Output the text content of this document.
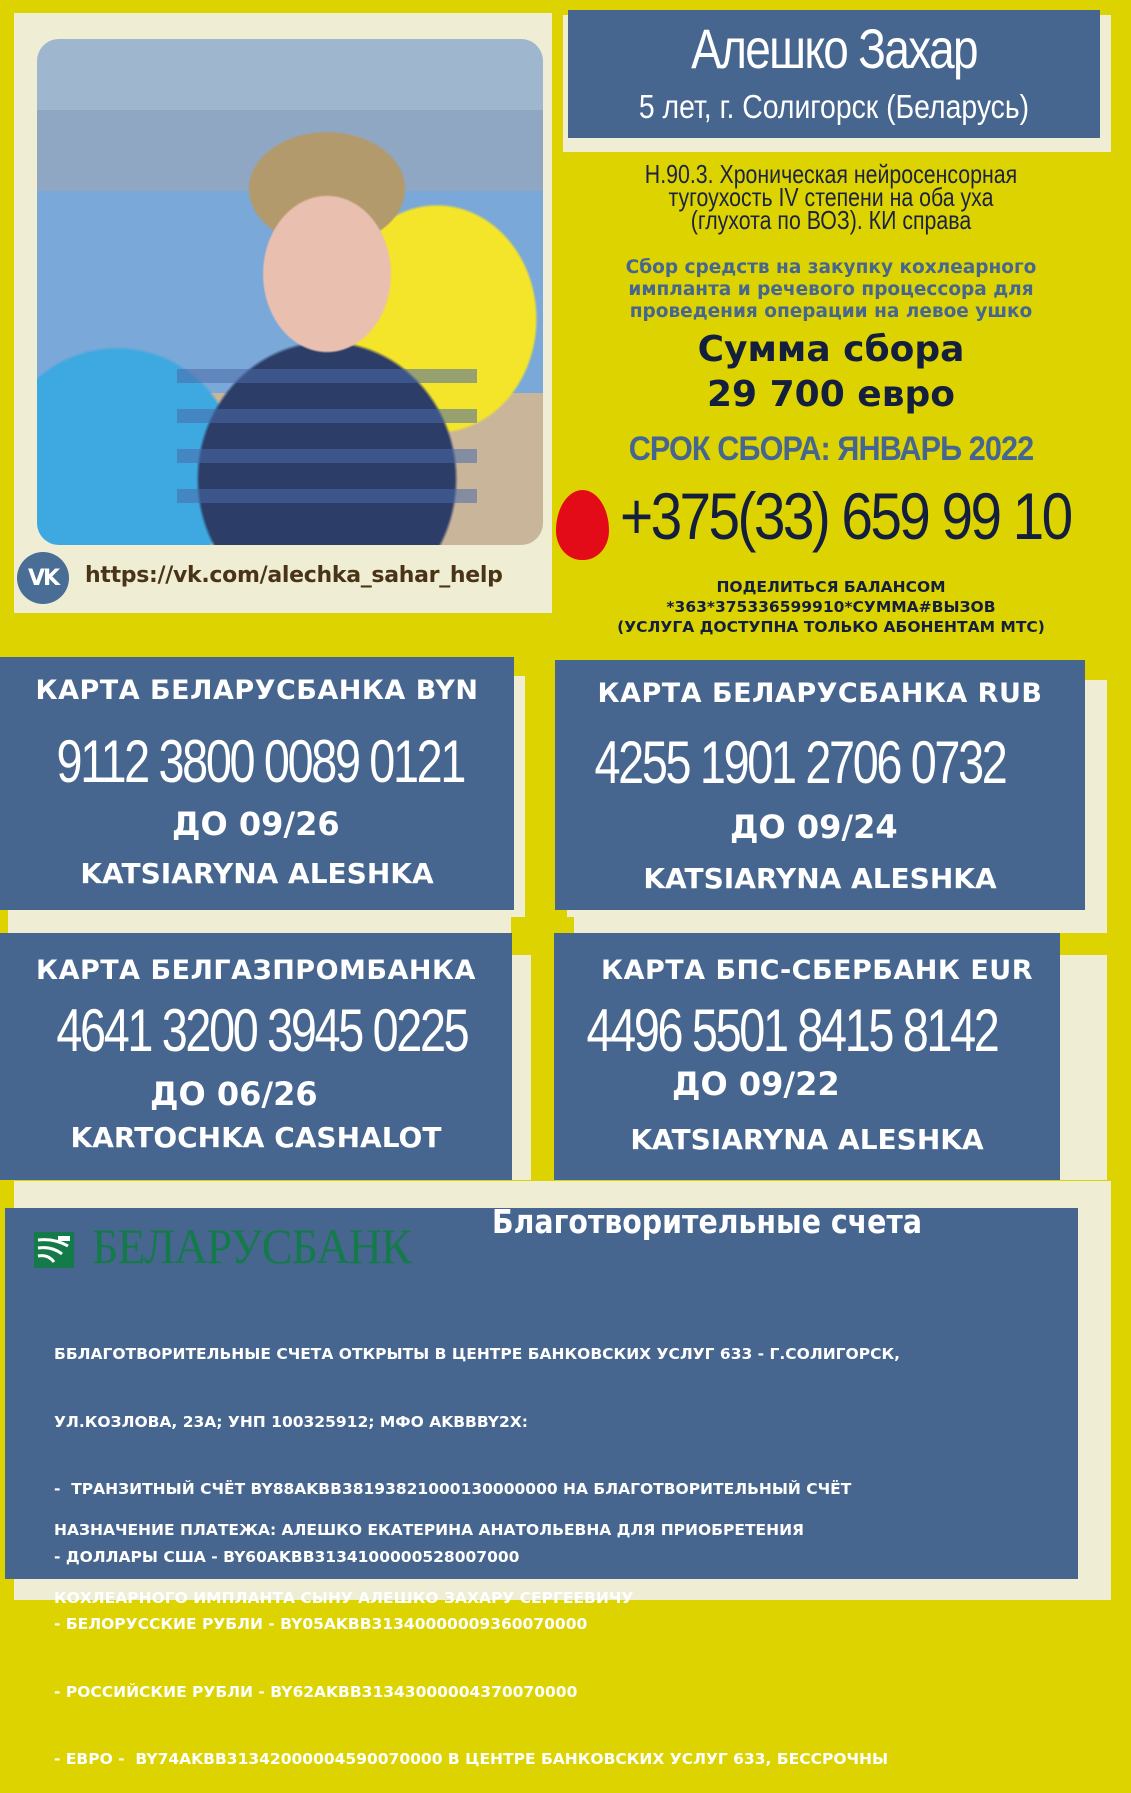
VK https://vk.com/alechka_sahar_help
Алешко Захар
5 лет, г. Солигорск (Беларусь)
Н.90.3. Хроническая нейросенсорная
тугоухость IV степени на оба уха
(глухота по ВОЗ). КИ справа
Сбор средств на закупку кохлеарного
импланта и речевого процессора для
проведения операции на левое ушко
Сумма сбора
29 700 евро
СРОК СБОРА: ЯНВАРЬ 2022
+375(33) 659 99 10
ПОДЕЛИТЬСЯ БАЛАНСОМ
*363*375336599910*СУММА#ВЫЗОВ
(УСЛУГА ДОСТУПНА ТОЛЬКО АБОНЕНТАМ МТС)
КАРТА БЕЛАРУСБАНКА BYN
9112 3800 0089 0121
ДО 09/26
KATSIARYNA ALESHKA
КАРТА БЕЛАРУСБАНКА RUB
4255 1901 2706 0732
ДО 09/24
KATSIARYNA ALESHKA
КАРТА БЕЛГАЗПРОМБАНКА
4641 3200 3945 0225
ДО 06/26
KARTOCHKA CASHALOT
КАРТА БПС-СБЕРБАНК EUR
4496 5501 8415 8142
ДО 09/22
KATSIARYNA ALESHKA
БЕЛАРУСБАНК Благотворительные счета

ББЛАГОТВОРИТЕЛЬНЫЕ СЧЕТА ОТКРЫТЫ В ЦЕНТРЕ БАНКОВСКИХ УСЛУГ 633 - Г.СОЛИГОРСК,

УЛ.КОЗЛОВА, 23А; УНП 100325912; МФО AKBBBY2X:

-  ТРАНЗИТНЫЙ СЧЁТ BY88AKBB38193821000130000000 НА БЛАГОТВОРИТЕЛЬНЫЙ СЧЁТ

- ДОЛЛАРЫ США - BY60AKBB31341000005280070​00

- БЕЛОРУССКИЕ РУБЛИ - BY05AKBB31340000009360070000

- РОССИЙСКИЕ РУБЛИ - BY62AKBB31343000004370070000

- ЕВРО -  BY74AKBB31342000004590070000 В ЦЕНТРЕ БАНКОВСКИХ УСЛУГ 633, БЕССРОЧНЫ

НАЗНАЧЕНИЕ ПЛАТЕЖА: АЛЕШКО ЕКАТЕРИНА АНАТОЛЬЕВНА ДЛЯ ПРИОБРЕТЕНИЯ

КОХЛЕАРНОГО ИМПЛАНТА СЫНУ АЛЕШКО ЗАХАРУ СЕРГЕЕВИЧУ
